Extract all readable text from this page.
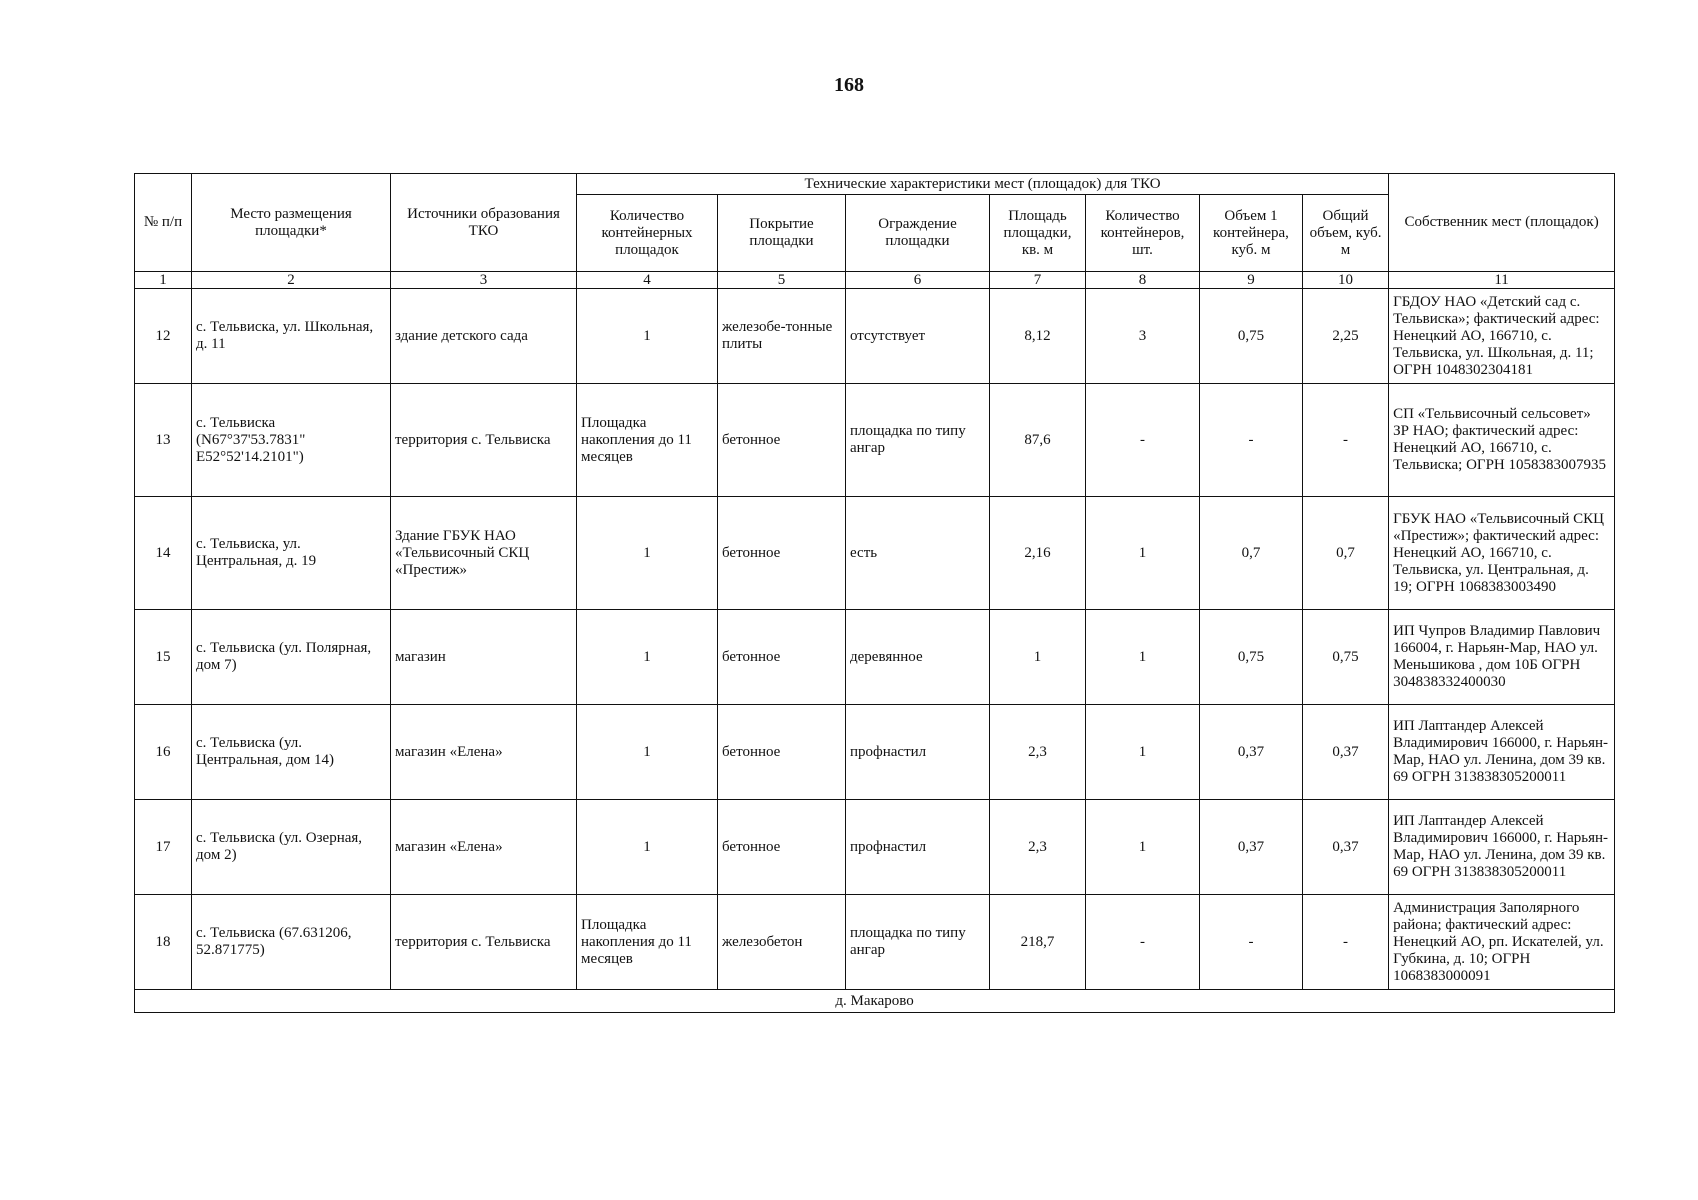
168
№ п/п	Место размещения площадки*	Источники образования ТКО	Технические характеристики мест (площадок) для ТКО							Собственник мест (площадок)
			Количество контейнерных площадок	Покрытие площадки	Ограждение площадки	Площадь площадки, кв. м	Количество контейнеров, шт.	Объем 1 контейнера, куб. м	Общий объем, куб. м	
1	2	3	4	5	6	7	8	9	10	11
12	с. Тельвиска, ул. Школьная, д. 11	здание детского сада	1	железобе-тонные плиты	отсутствует	8,12	3	0,75	2,25	ГБДОУ НАО «Детский сад с. Тельвиска»; фактический адрес: Ненецкий АО, 166710, с. Тельвиска, ул. Школьная, д. 11; ОГРН 1048302304181
13	с. Тельвиска (N67°37'53.7831" E52°52'14.2101")	территория с. Тельвиска	Площадка накопления до 11 месяцев	бетонное	площадка по типу ангар	87,6	-	-	-	СП «Тельвисочный сельсовет» ЗР НАО; фактический адрес: Ненецкий АО, 166710, с. Тельвиска; ОГРН 1058383007935
14	с. Тельвиска, ул. Центральная, д. 19	Здание ГБУК НАО «Тельвисочный СКЦ «Престиж»	1	бетонное	есть	2,16	1	0,7	0,7	ГБУК НАО «Тельвисочный СКЦ «Престиж»; фактический адрес: Ненецкий АО, 166710, с. Тельвиска, ул. Центральная, д. 19; ОГРН 1068383003490
15	с. Тельвиска (ул. Полярная, дом 7)	магазин	1	бетонное	деревянное	1	1	0,75	0,75	ИП Чупров Владимир Павлович 166004, г. Нарьян-Мар, НАО ул. Меньшикова , дом 10Б ОГРН 304838332400030
16	с. Тельвиска (ул. Центральная, дом 14)	магазин «Елена»	1	бетонное	профнастил	2,3	1	0,37	0,37	ИП Лаптандер Алексей Владимирович 166000, г. Нарьян-Мар, НАО ул. Ленина, дом 39 кв. 69 ОГРН 313838305200011
17	с. Тельвиска (ул. Озерная, дом 2)	магазин «Елена»	1	бетонное	профнастил	2,3	1	0,37	0,37	ИП Лаптандер Алексей Владимирович 166000, г. Нарьян-Мар, НАО ул. Ленина, дом 39 кв. 69 ОГРН 313838305200011
18	с. Тельвиска (67.631206, 52.871775)	территория с. Тельвиска	Площадка накопления до 11 месяцев	железобетон	площадка по типу ангар	218,7	-	-	-	Администрация Заполярного района; фактический адрес: Ненецкий АО, рп. Искателей, ул. Губкина, д. 10; ОГРН 1068383000091
д. Макарово										
